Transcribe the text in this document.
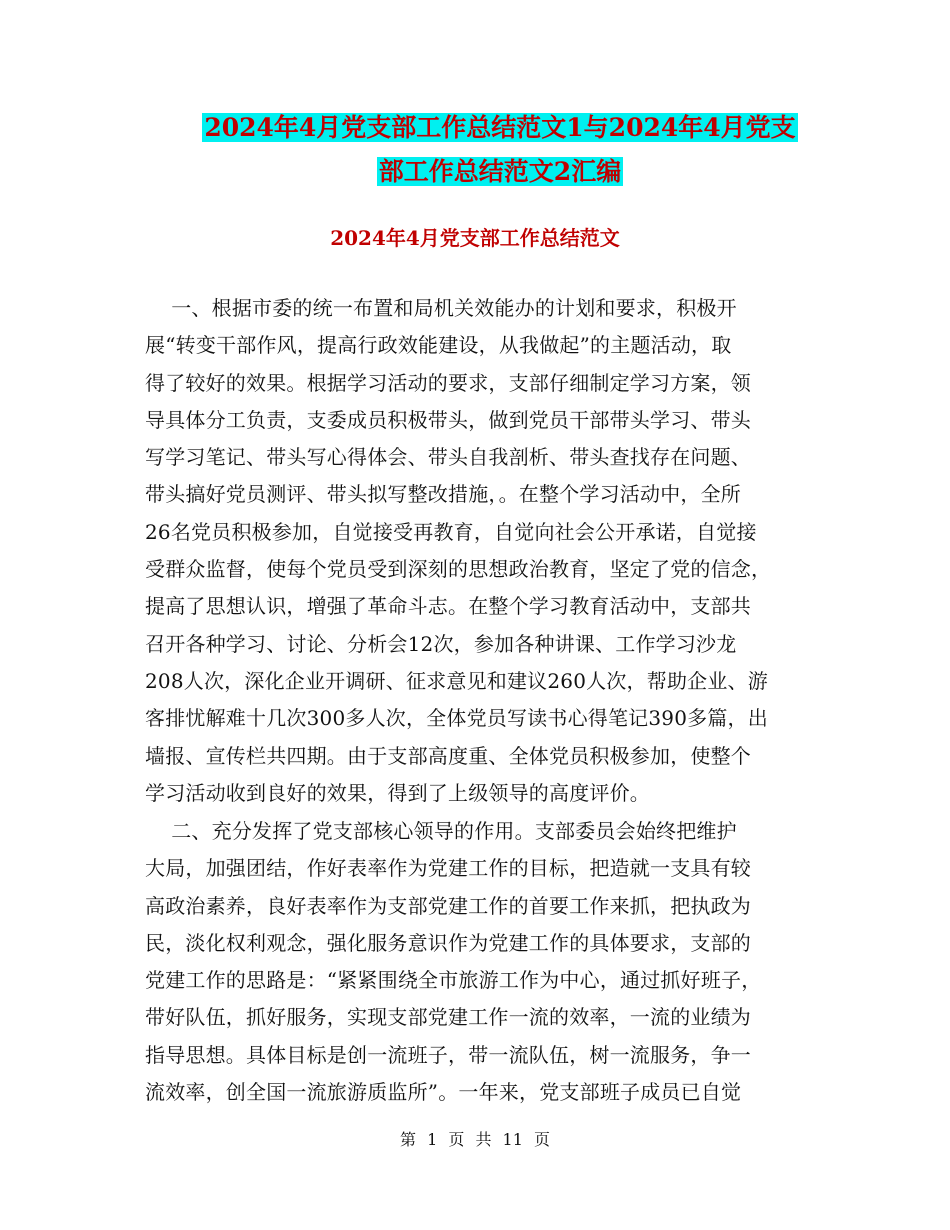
2024年4月党支部工作总结范文1与2024年4月党支
部工作总结范文2汇编
2024年4月党支部工作总结范文
一、根据市委的统一布置和局机关效能办的计划和要求，积极开
展“转变干部作风，提高行政效能建设，从我做起”的主题活动，取
得了较好的效果。根据学习活动的要求，支部仔细制定学习方案，领
导具体分工负责，支委成员积极带头，做到党员干部带头学习、带头
写学习笔记、带头写心得体会、带头自我剖析、带头查找存在问题、
带头搞好党员测评、带头拟写整改措施，。在整个学习活动中，全所
26名党员积极参加，自觉接受再教育，自觉向社会公开承诺，自觉接
受群众监督，使每个党员受到深刻的思想政治教育，坚定了党的信念，
提高了思想认识，增强了革命斗志。在整个学习教育活动中，支部共
召开各种学习、讨论、分析会12次，参加各种讲课、工作学习沙龙
208人次，深化企业开调研、征求意见和建议260人次，帮助企业、游
客排忧解难十几次300多人次，全体党员写读书心得笔记390多篇，出
墙报、宣传栏共四期。由于支部高度重、全体党员积极参加，使整个
学习活动收到良好的效果，得到了上级领导的高度评价。
二、充分发挥了党支部核心领导的作用。支部委员会始终把维护
大局，加强团结，作好表率作为党建工作的目标，把造就一支具有较
高政治素养，良好表率作为支部党建工作的首要工作来抓，把执政为
民，淡化权利观念，强化服务意识作为党建工作的具体要求，支部的
党建工作的思路是：“紧紧围绕全市旅游工作为中心，通过抓好班子，
带好队伍，抓好服务，实现支部党建工作一流的效率，一流的业绩为
指导思想。具体目标是创一流班子，带一流队伍，树一流服务，争一
流效率，创全国一流旅游质监所”。一年来，党支部班子成员已自觉
第 1 页 共 11 页
